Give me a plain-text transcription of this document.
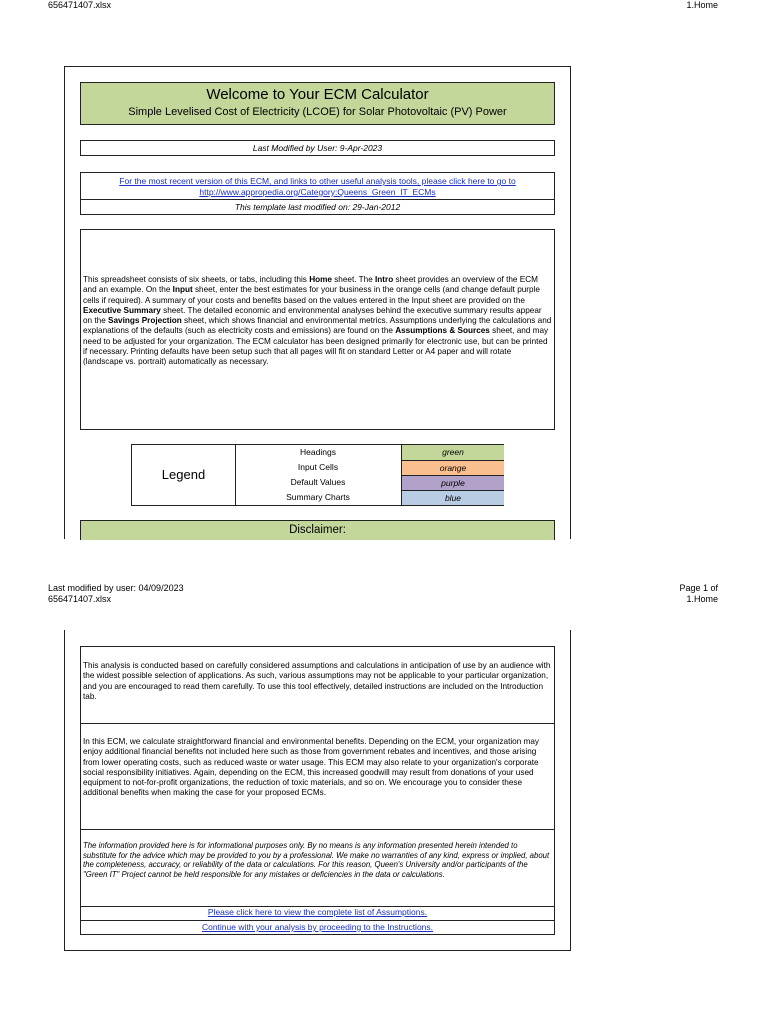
656471407.xlsx	1.Home
Welcome to Your ECM Calculator
Simple Levelised Cost of Electricity (LCOE) for Solar Photovoltaic (PV) Power
Last Modified by User: 9-Apr-2023
For the most recent version of this ECM, and links to other useful analysis tools, please click here to go to
http://www.appropedia.org/Category:Queens_Green_IT_ECMs
This template last modified on: 29-Jan-2012
This spreadsheet consists of six sheets, or tabs, including this Home sheet. The Intro sheet provides an overview of the ECM and an example. On the Input sheet, enter the best estimates for your business in the orange cells (and change default purple cells if required). A summary of your costs and benefits based on the values entered in the Input sheet are provided on the Executive Summary sheet. The detailed economic and environmental analyses behind the executive summary results appear on the Savings Projection sheet, which shows financial and environmental metrics. Assumptions underlying the calculations and explanations of the defaults (such as electricity costs and emissions) are found on the Assumptions & Sources sheet, and may need to be adjusted for your organization. The ECM calculator has been designed primarily for electronic use, but can be printed if necessary. Printing defaults have been setup such that all pages will fit on standard Letter or A4 paper and will rotate (landscape vs. portrait) automatically as necessary.
Legend
Headings	green
Input Cells	orange
Default Values	purple
Summary Charts	blue
Disclaimer:
Last modified by user: 04/09/2023
656471407.xlsx
Page 1 of
1.Home
This analysis is conducted based on carefully considered assumptions and calculations in anticipation of use by an audience with the widest possible selection of applications. As such, various assumptions may not be applicable to your particular organization, and you are encouraged to read them carefully. To use this tool effectively, detailed instructions are included on the Introduction tab.
In this ECM, we calculate straightforward financial and environmental benefits. Depending on the ECM, your organization may enjoy additional financial benefits not included here such as those from government rebates and incentives, and those arising from lower operating costs, such as reduced waste or water usage. This ECM may also relate to your organization's corporate social responsibility initiatives. Again, depending on the ECM, this increased goodwill may result from donations of your used equipment to not-for-profit organizations, the reduction of toxic materials, and so on. We encourage you to consider these additional benefits when making the case for your proposed ECMs.
The information provided here is for informational purposes only. By no means is any information presented herein intended to substitute for the advice which may be provided to you by a professional. We make no warranties of any kind, express or implied, about the completeness, accuracy, or reliability of the data or calculations. For this reason, Queen's University and/or participants of the "Green IT" Project cannot be held responsible for any mistakes or deficiencies in the data or calculations.
Please click here to view the complete list of Assumptions.
Continue with your analysis by proceeding to the Instructions.
